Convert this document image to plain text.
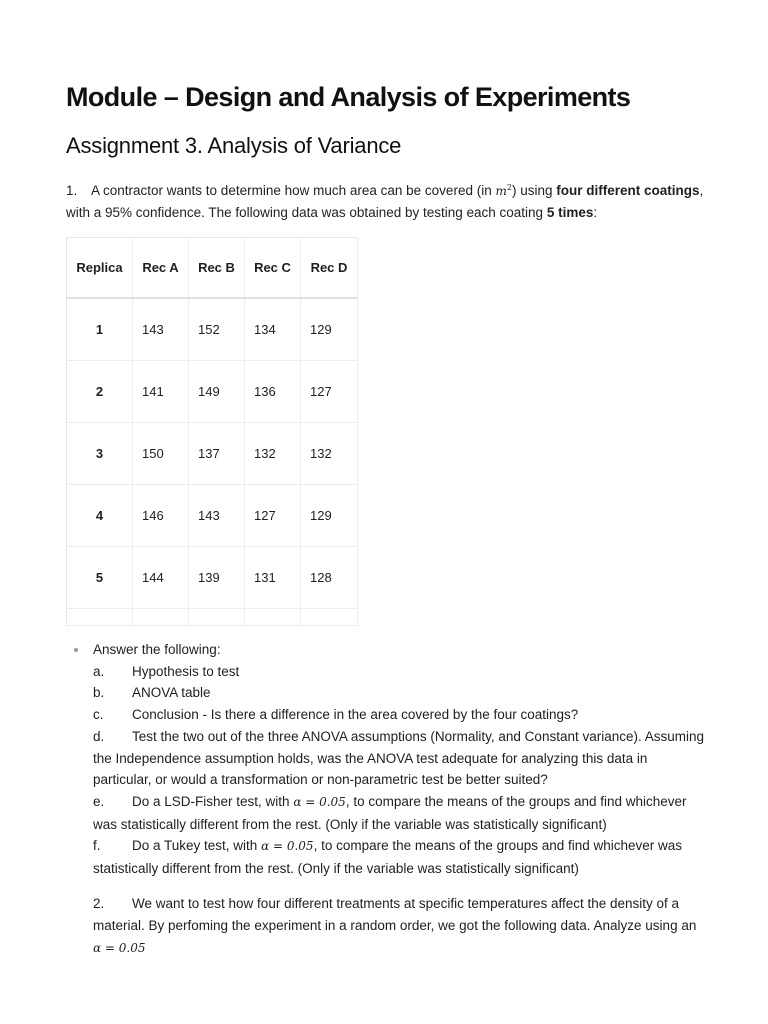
Module – Design and Analysis of Experiments
Assignment 3. Analysis of Variance

1. A contractor wants to determine how much area can be covered (in $m^2$) using four different coatings, with a 95% confidence. The following data was obtained by testing each coating 5 times:

Replica	Rec A	Rec B	Rec C	Rec D
1	143	152	134	129
2	141	149	136	127
3	150	137	132	132
4	146	143	127	129
5	144	139	131	128

Answer the following:
a. Hypothesis to test
b. ANOVA table
c. Conclusion - Is there a difference in the area covered by the four coatings?
d. Test the two out of the three ANOVA assumptions (Normality, and Constant variance). Assuming the Independence assumption holds, was the ANOVA test adequate for analyzing this data in particular, or would a transformation or non-parametric test be better suited?
e. Do a LSD-Fisher test, with α = 0.05, to compare the means of the groups and find whichever was statistically different from the rest. (Only if the variable was statistically significant)
f. Do a Tukey test, with α = 0.05, to compare the means of the groups and find whichever was statistically different from the rest. (Only if the variable was statistically significant)
2. We want to test how four different treatments at specific temperatures affect the density of a material. By perfoming the experiment in a random order, we got the following data. Analyze using an α = 0.05
